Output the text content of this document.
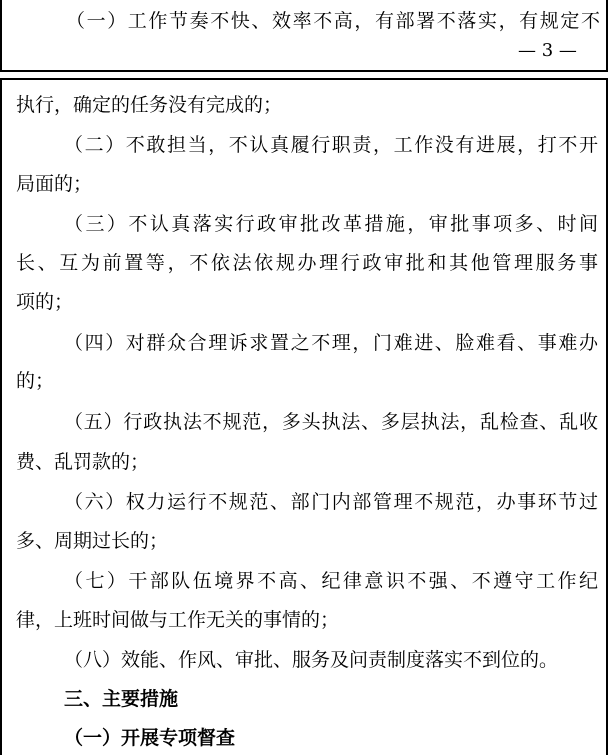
（一）工作节奏不快、效率不高，有部署不落实，有规定不
— 3 —
执行，确定的任务没有完成的；
（二）不敢担当，不认真履行职责，工作没有进展，打不开
局面的；
（三）不认真落实行政审批改革措施，审批事项多、时间
长、互为前置等，不依法依规办理行政审批和其他管理服务事
项的；
（四）对群众合理诉求置之不理，门难进、脸难看、事难办
的；
（五）行政执法不规范，多头执法、多层执法，乱检查、乱收
费、乱罚款的；
（六）权力运行不规范、部门内部管理不规范，办事环节过
多、周期过长的；
（七）干部队伍境界不高、纪律意识不强、不遵守工作纪
律，上班时间做与工作无关的事情的；
（八）效能、作风、审批、服务及问责制度落实不到位的。
三、主要措施
（一）开展专项督查
